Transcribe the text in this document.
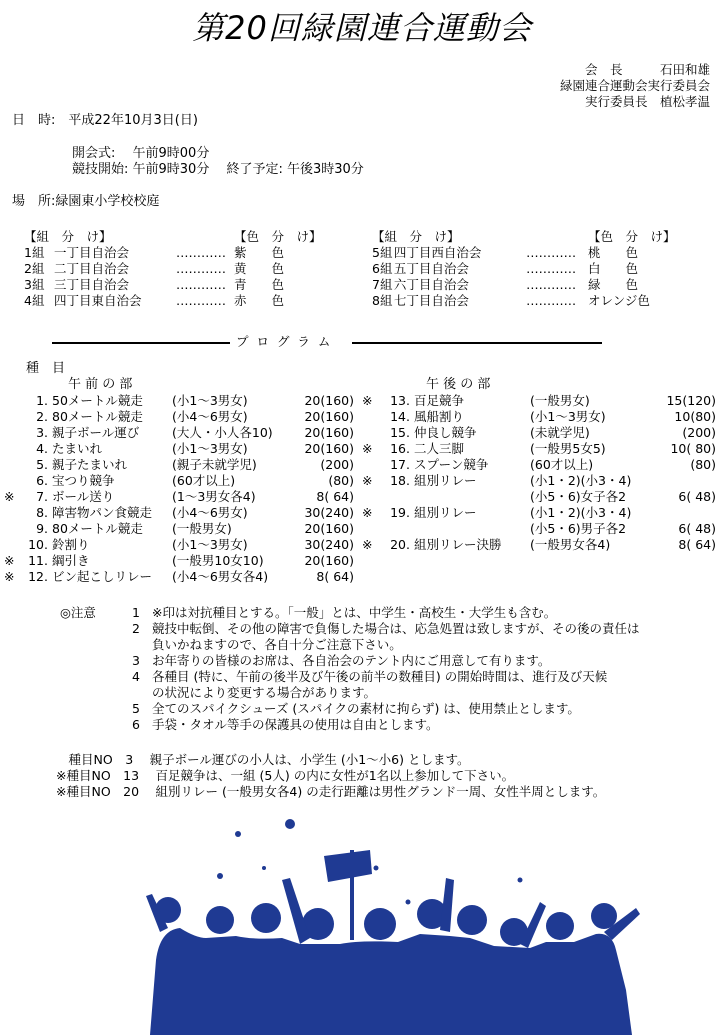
第20回緑園連合運動会
会　長　　　	石田和雄
緑園連合運動会実行委員会
実行委員長　 植松孝温
日　時:　 平成22年10月3日(日)
開会式:　 午前9時00分
競技開始: 午前9時30分　 終了予定: 午後3時30分
場　所:緑園東小学校校庭
【組　分　け】			【色　分　け】
1組	一丁目自治会	…………	紫　　色
2組	二丁目自治会	…………	黄　　色
3組	三丁目自治会	…………	青　　色
4組	四丁目東自治会	…………	赤　　色
【組　分　け】			【色　分　け】
5組	四丁目西自治会	…………	桃　　色
6組	五丁目自治会	…………	白　　色
7組	六丁目自治会	…………	緑　　色
8組	七丁目自治会	…………	オレンジ色
プ ロ グ ラ ム
種　目
午 前 の 部	午 後 の 部
	1.	50メートル競走	(小1～3男女)	20(160)
	2.	80メートル競走	(小4～6男女)	20(160)
	3.	親子ボール運び	(大人・小人各10)	20(160)
	4.	たまいれ	(小1～3男女)	20(160)
	5.	親子たまいれ	(親子未就学児)	(200)
	6.	宝つり競争	(60才以上)	(80)
※	7.	ボール送り	(1～3男女各4)	8( 64)
	8.	障害物パン食競走	(小4～6男女)	30(240)
	9.	80メートル競走	(一般男女)	20(160)
	10.	鈴割り	(小1～3男女)	30(240)
※	11.	綱引き	(一般男10女10)	20(160)
※	12.	ビン起こしリレー	(小4～6男女各4)	8( 64)
※	13.	百足競争	(一般男女)	15(120)
	14.	風船割り	(小1～3男女)	10(80)
	15.	仲良し競争	(未就学児)	(200)
※	16.	二人三脚	(一般男5女5)	10( 80)
	17.	スプーン競争	(60才以上)	(80)
※	18.	組別リレー	(小1・2)(小3・4)	
			(小5・6)女子各2	6( 48)
※	19.	組別リレー	(小1・2)(小3・4)	
			(小5・6)男子各2	6( 48)
※	20.	組別リレー決勝	(一般男女各4)	8( 64)
◎注意	1	※印は対抗種目とする。「一般」とは、中学生・高校生・大学生も含む。
	2	競技中転倒、その他の障害で負傷した場合は、応急処置は致しますが、その後の責任は
		負いかねますので、各自十分ご注意下さい。
	3	お年寄りの皆様のお席は、各自治会のテント内にご用意して有ります。
	4	各種目 (特に、午前の後半及び午後の前半の数種目) の開始時間は、進行及び天候
		の状況により変更する場合があります。
	5	全てのスパイクシューズ (スパイクの素材に拘らず) は、使用禁止とします。
	6	手袋・タオル等手の保護具の使用は自由とします。
　種目NO　3　 親子ボール運びの小人は、小学生 (小1～小6) とします。
※種目NO　13　 百足競争は、一組 (5人) の内に女性が1名以上参加して下さい。
※種目NO　20　 組別リレー (一般男女各4) の走行距離は男性グランド一周、女性半周とします。
